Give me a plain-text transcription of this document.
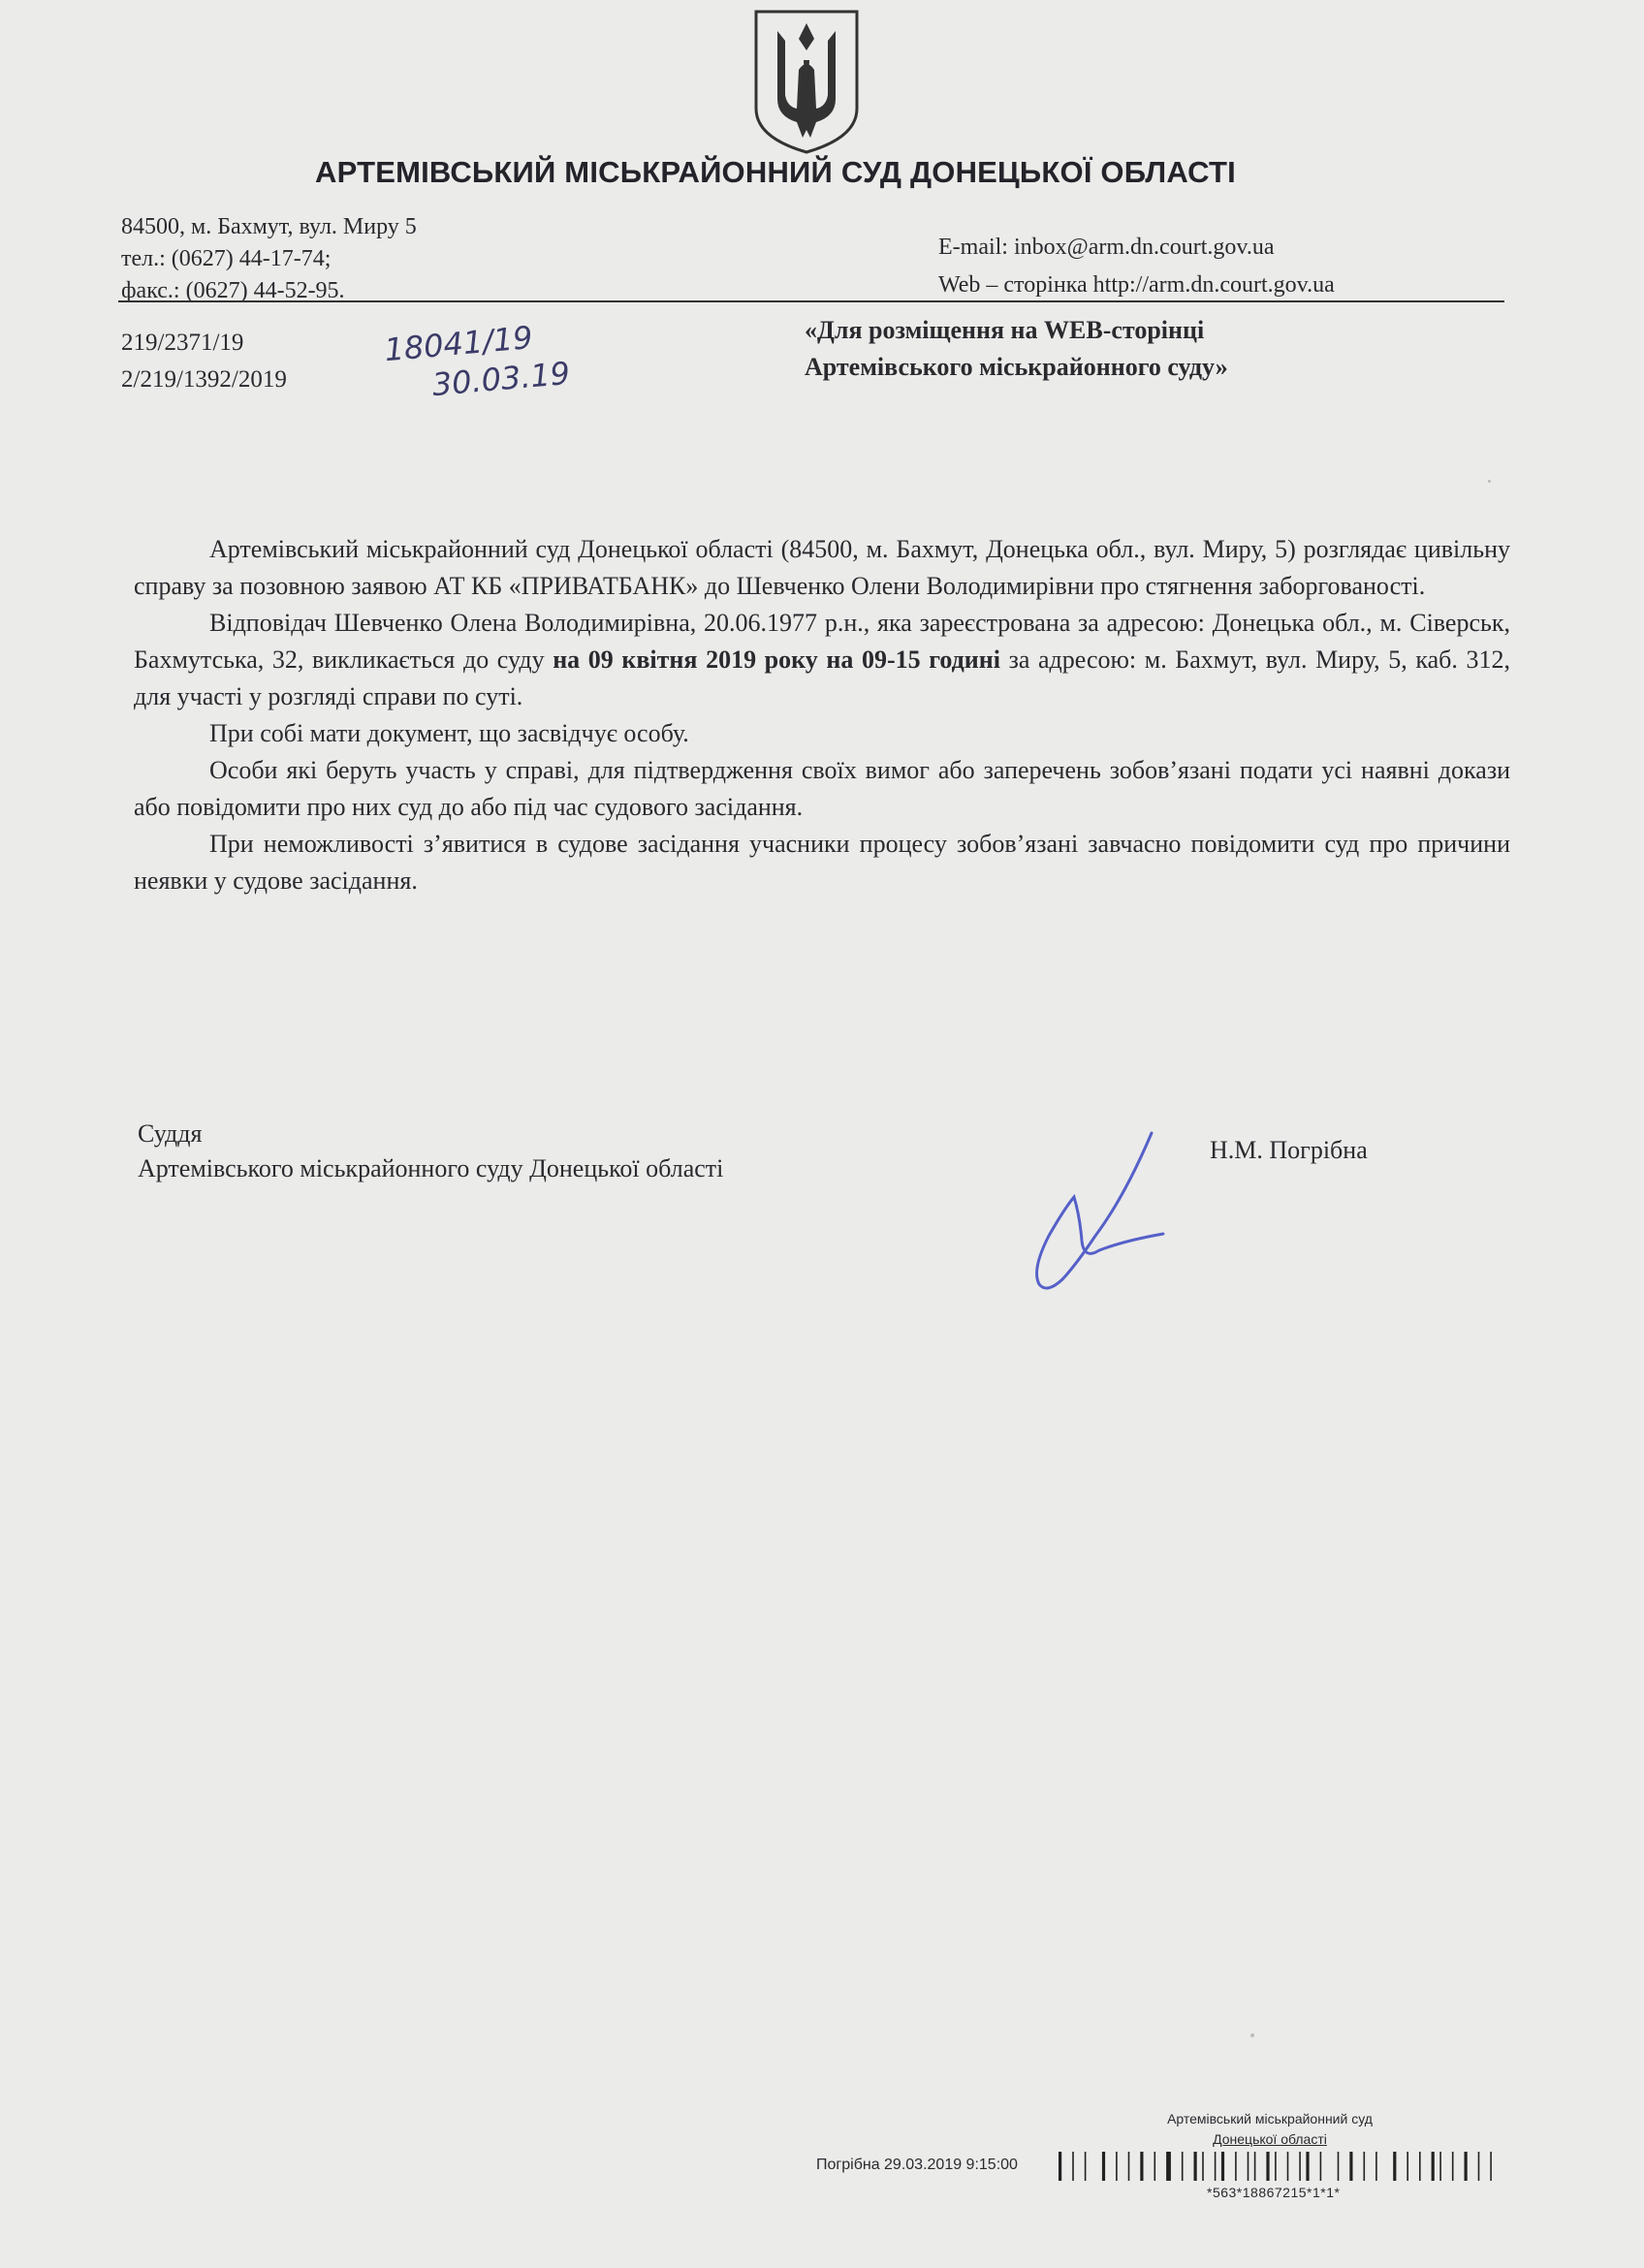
АРТЕМІВСЬКИЙ МІСЬКРАЙОННИЙ СУД ДОНЕЦЬКОЇ ОБЛАСТІ
84500, м. Бахмут, вул. Миру 5
тел.: (0627) 44-17-74;
факс.: (0627) 44-52-95.
E-mail: inbox@arm.dn.court.gov.ua
Web – сторінка http://arm.dn.court.gov.ua
219/2371/19
2/219/1392/2019
18041/19
30.03.19
«Для розміщення на WEB-сторінці
Артемівського міськрайонного суду»

Артемівський міськрайонний суд Донецької області (84500, м. Бахмут, Донецька обл., вул. Миру, 5) розглядає цивільну справу за позовною заявою АТ КБ «ПРИВАТБАНК» до Шевченко Олени Володимирівни про стягнення заборгованості.

Відповідач Шевченко Олена Володимирівна, 20.06.1977 р.н., яка зареєстрована за адресою: Донецька обл., м. Сіверськ, Бахмутська, 32, викликається до суду на 09 квітня 2019 року на 09-15 годині за адресою: м. Бахмут, вул. Миру, 5, каб. 312, для участі у розгляді справи по суті.

При собі мати документ, що засвідчує особу.

Особи які беруть участь у справі, для підтвердження своїх вимог або заперечень зобов’язані подати усі наявні докази або повідомити про них суд до або під час судового засідання.

При неможливості з’явитися в судове засідання учасники процесу зобов’язані завчасно повідомити суд про причини неявки у судове засідання.

Суддя
Артемівського міськрайонного суду Донецької області
Н.М. Погрібна
Артемівський міськрайонний суд
Донецької області
Погрібна 29.03.2019 9:15:00
*563*18867215*1*1*
